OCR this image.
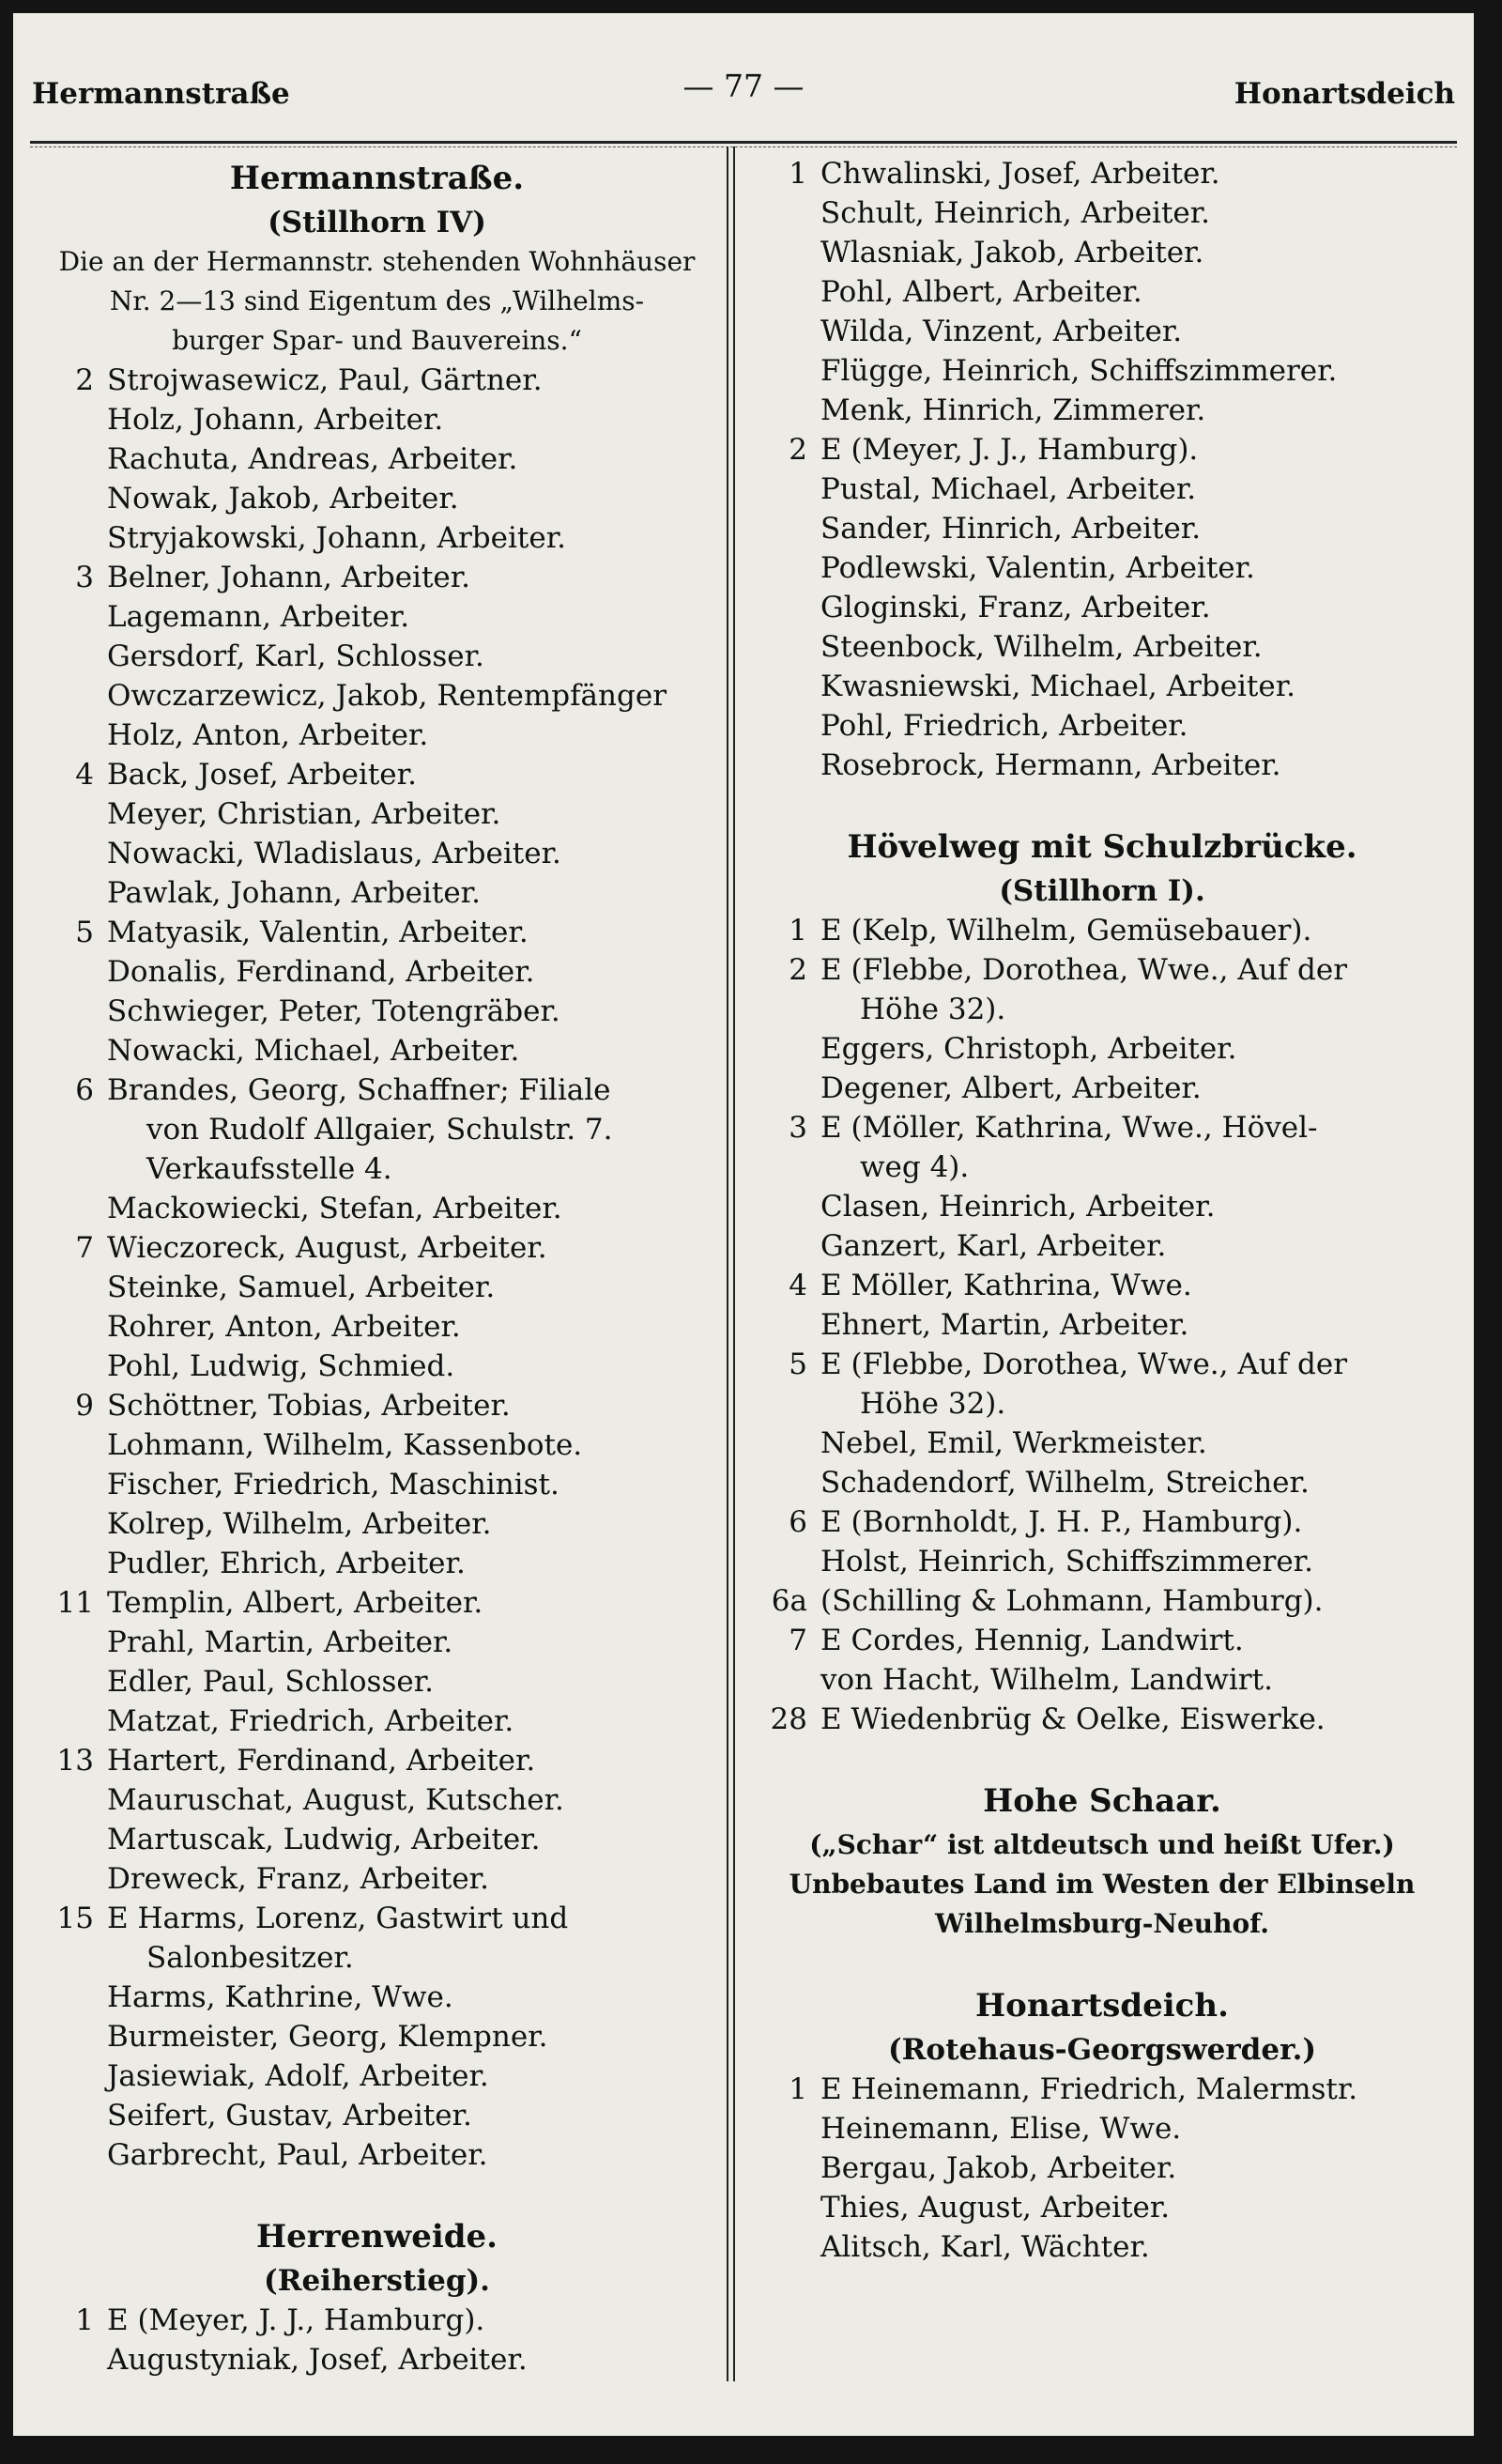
Hermannstraße	— 77 —	Honartsdeich
Hermannstraße.
(Stillhorn IV)
Die an der Hermannstr. stehenden Wohnhäuser
Nr. 2—13 sind Eigentum des „Wilhelms-
burger Spar- und Bauvereins.“
2 Strojwasewicz, Paul, Gärtner.
Holz, Johann, Arbeiter.
Rachuta, Andreas, Arbeiter.
Nowak, Jakob, Arbeiter.
Stryjakowski, Johann, Arbeiter.
3 Belner, Johann, Arbeiter.
Lagemann, Arbeiter.
Gersdorf, Karl, Schlosser.
Owczarzewicz, Jakob, Rentempfänger
Holz, Anton, Arbeiter.
4 Back, Josef, Arbeiter.
Meyer, Christian, Arbeiter.
Nowacki, Wladislaus, Arbeiter.
Pawlak, Johann, Arbeiter.
5 Matyasik, Valentin, Arbeiter.
Donalis, Ferdinand, Arbeiter.
Schwieger, Peter, Totengräber.
Nowacki, Michael, Arbeiter.
6 Brandes, Georg, Schaffner; Filiale
von Rudolf Allgaier, Schulstr. 7.
Verkaufsstelle 4.
Mackowiecki, Stefan, Arbeiter.
7 Wieczoreck, August, Arbeiter.
Steinke, Samuel, Arbeiter.
Rohrer, Anton, Arbeiter.
Pohl, Ludwig, Schmied.
9 Schöttner, Tobias, Arbeiter.
Lohmann, Wilhelm, Kassenbote.
Fischer, Friedrich, Maschinist.
Kolrep, Wilhelm, Arbeiter.
Pudler, Ehrich, Arbeiter.
11 Templin, Albert, Arbeiter.
Prahl, Martin, Arbeiter.
Edler, Paul, Schlosser.
Matzat, Friedrich, Arbeiter.
13 Hartert, Ferdinand, Arbeiter.
Mauruschat, August, Kutscher.
Martuscak, Ludwig, Arbeiter.
Dreweck, Franz, Arbeiter.
15 E Harms, Lorenz, Gastwirt und
Salonbesitzer.
Harms, Kathrine, Wwe.
Burmeister, Georg, Klempner.
Jasiewiak, Adolf, Arbeiter.
Seifert, Gustav, Arbeiter.
Garbrecht, Paul, Arbeiter.
Herrenweide.
(Reiherstieg).
1 E (Meyer, J. J., Hamburg).
Augustyniak, Josef, Arbeiter.
1 Chwalinski, Josef, Arbeiter.
Schult, Heinrich, Arbeiter.
Wlasniak, Jakob, Arbeiter.
Pohl, Albert, Arbeiter.
Wilda, Vinzent, Arbeiter.
Flügge, Heinrich, Schiffszimmerer.
Menk, Hinrich, Zimmerer.
2 E (Meyer, J. J., Hamburg).
Pustal, Michael, Arbeiter.
Sander, Hinrich, Arbeiter.
Podlewski, Valentin, Arbeiter.
Gloginski, Franz, Arbeiter.
Steenbock, Wilhelm, Arbeiter.
Kwasniewski, Michael, Arbeiter.
Pohl, Friedrich, Arbeiter.
Rosebrock, Hermann, Arbeiter.
Hövelweg mit Schulzbrücke.
(Stillhorn I).
1 E (Kelp, Wilhelm, Gemüsebauer).
2 E (Flebbe, Dorothea, Wwe., Auf der
Höhe 32).
Eggers, Christoph, Arbeiter.
Degener, Albert, Arbeiter.
3 E (Möller, Kathrina, Wwe., Hövel-
weg 4).
Clasen, Heinrich, Arbeiter.
Ganzert, Karl, Arbeiter.
4 E Möller, Kathrina, Wwe.
Ehnert, Martin, Arbeiter.
5 E (Flebbe, Dorothea, Wwe., Auf der
Höhe 32).
Nebel, Emil, Werkmeister.
Schadendorf, Wilhelm, Streicher.
6 E (Bornholdt, J. H. P., Hamburg).
Holst, Heinrich, Schiffszimmerer.
6a (Schilling & Lohmann, Hamburg).
7 E Cordes, Hennig, Landwirt.
von Hacht, Wilhelm, Landwirt.
28 E Wiedenbrüg & Oelke, Eiswerke.
Hohe Schaar.
(„Schar“ ist altdeutsch und heißt Ufer.)
Unbebautes Land im Westen der Elbinseln
Wilhelmsburg-Neuhof.
Honartsdeich.
(Rotehaus-Georgswerder.)
1 E Heinemann, Friedrich, Malermstr.
Heinemann, Elise, Wwe.
Bergau, Jakob, Arbeiter.
Thies, August, Arbeiter.
Alitsch, Karl, Wächter.
